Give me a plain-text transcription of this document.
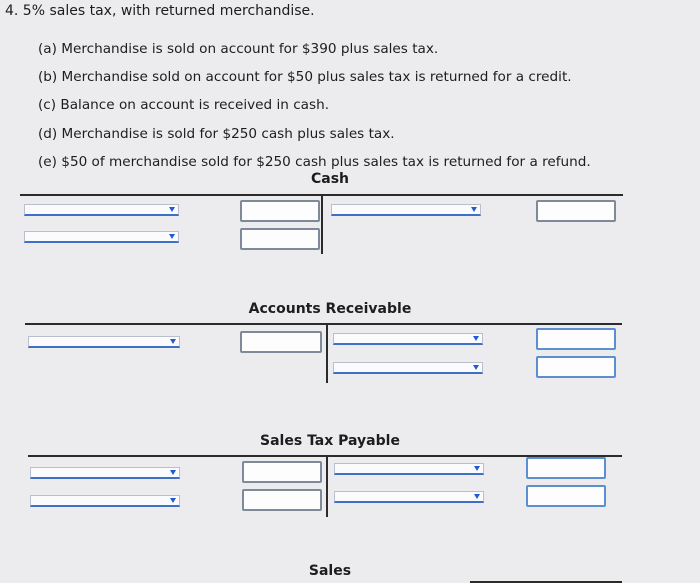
4. 5% sales tax, with returned merchandise.
(a) Merchandise is sold on account for $390 plus sales tax.
(b) Merchandise sold on account for $50 plus sales tax is returned for a credit.
(c) Balance on account is received in cash.
(d) Merchandise is sold for $250 cash plus sales tax.
(e) $50 of merchandise sold for $250 cash plus sales tax is returned for a refund.
Cash
Accounts Receivable
Sales Tax Payable
Sales
